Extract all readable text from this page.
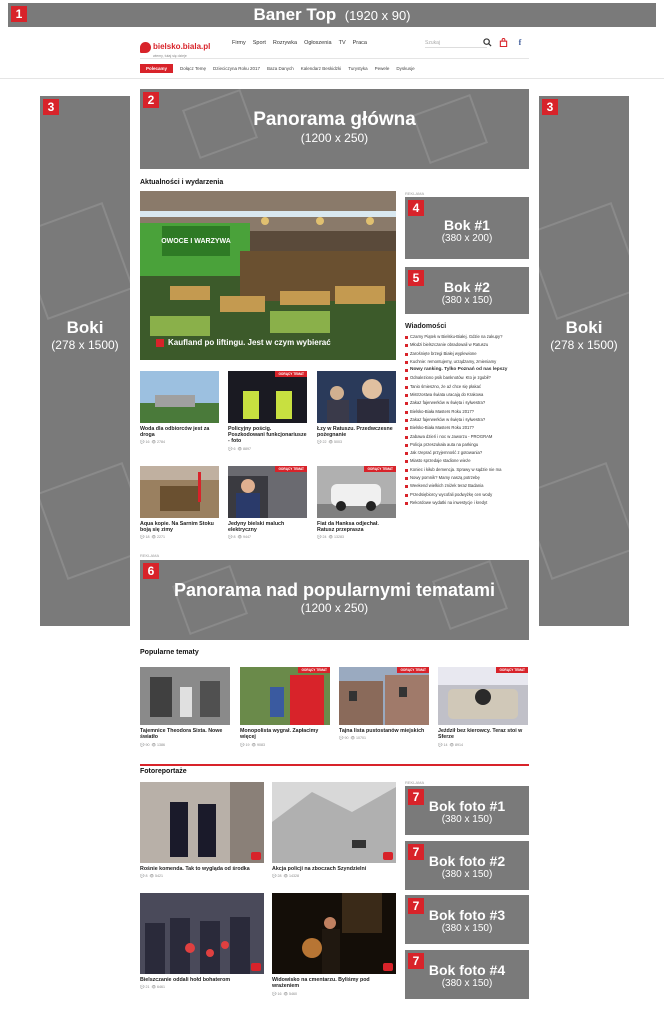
1	Baner Top (1920 x 90)
bielsko.biala.pl
wiemy, tutaj się dzieje
Firmy Sport Rozrywka Ogłoszenia TV Praca	Szukaj	f
Polecamy	Dołącz Temę Dzieciczyna Roku 2017 Baza Danych Kalendarz Beskidzki Turystyka Pewele Dyskusje
3
Boki
(278 x 1500)
3
Boki
(278 x 1500)
2
Panorama główna
(1200 x 250)
Aktualności i wydarzenia
OWOCE I WARZYWA
Kaufland po liftingu. Jest w czym wybierać
Woda dla odbiorców jest za droga
💬 16  👁 2784
GORĄCY TEMAT
Policyjny pościg. Poszkodowani funkcjonariusze - foto
💬 6  👁 8897
Łzy w Ratuszu. Przedwczesne pożegnanie
💬 22  👁 5003
Aqua kopie. Na Sarnim Stoku boją się zimy
💬 18  👁 2271
GORĄCY TEMAT
Jedyny bielski maluch elektryczny
💬 8  👁 9447
GORĄCY TEMAT
Fiat da Hanksa odjechał. Ratusz przeprasza
💬 24  👁 13283
REKLAMA
4
Bok #1
(380 x 200)
5
Bok #2
(380 x 150)
Wiadomości
Czarny Piątek w Bielsku-Białej. Gdzie na zakupy?
Młodzi bielszczanie obradowali w Ratuszu
Zarośnięte brzegi Białej wyplewione
Kuchnie: remontujemy, urządzamy, zmieniamy
Nowy ranking. Tylko Poznań od nas lepszy
Odnaleziono psik banknotów. Kto je zgubił?
Tanio śmieszno, że aż chce się płakać
Mistrzostwa świata uracają do Krakowa
Zakaz fajerwerków w święta i sylwestra?
Bielsko-Biała Masters Roku 2017?
Zakaz fajerwerków w święta i sylwestra?
Bielsko-Biała Masters Roku 2017?
Zabawa dzień i noc w Jaworzu - PROGRAM
Policja przeszukała auta na parkingu
Jak rzeprać przyjemność z gotowania?
Miasto sprzedaje stadione wieże
Koniec i kiłub demencja. Sprawy w sądzie nie ma
Nowy pomnik? Mamy naszą potrzebę
Weekend wielkich zniżek teraz Badania
Przedsiębiorcy wycofali podwyżkę cen wody
Rekordowe wydatki na inwestycje i kredyt
REKLAMA
6
Panorama nad popularnymi tematami
(1200 x 250)
Popularne tematy
Tajemnice Theodora Sixta. Nowe światło
💬 90  👁 1386
GORĄCY TEMAT
Monopolista wygrał. Zapłacimy więcej
💬 19  👁 9083
GORĄCY TEMAT
Tajna lista pustostanów miejskich
💬 90  👁 10701
GORĄCY TEMAT
Jeździł bez kierowcy. Teraz stoi w Sferze
💬 14  👁 8914
Fotoreportaże
Rośnie komenda. Tak to wygląda od środka
💬 8  👁 5421
Akcja policji na zboczach Szyndzielni
💬 28  👁 14328
Bielszczanie oddali hołd bohaterom
💬 21  👁 6461
Widowisko na cmentarzu. Byliśmy pod wrażeniem
💬 16  👁 5460
REKLAMA
7
Bok foto #1
(380 x 150)
7
Bok foto #2
(380 x 150)
7
Bok foto #3
(380 x 150)
7
Bok foto #4
(380 x 150)
